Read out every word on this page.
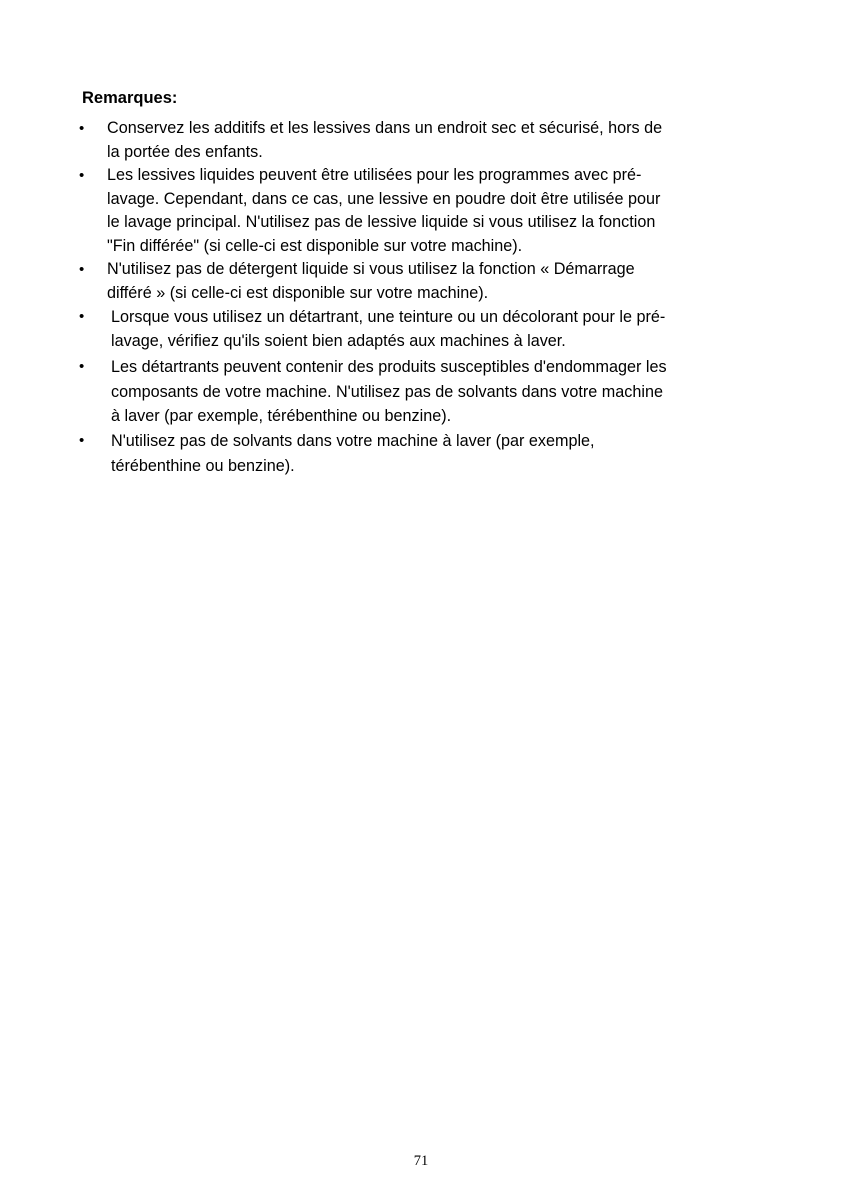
Remarques:

• Conservez les additifs et les lessives dans un endroit sec et sécurisé, hors de
la portée des enfants.
• Les lessives liquides peuvent être utilisées pour les programmes avec pré-
lavage. Cependant, dans ce cas, une lessive en poudre doit être utilisée pour
le lavage principal. N'utilisez pas de lessive liquide si vous utilisez la fonction
"Fin différée" (si celle-ci est disponible sur votre machine).
• N'utilisez pas de détergent liquide si vous utilisez la fonction « Démarrage
différé » (si celle-ci est disponible sur votre machine).
• Lorsque vous utilisez un détartrant, une teinture ou un décolorant pour le pré-
lavage, vérifiez qu'ils soient bien adaptés aux machines à laver.
• Les détartrants peuvent contenir des produits susceptibles d'endommager les
composants de votre machine. N'utilisez pas de solvants dans votre machine
à laver (par exemple, térébenthine ou benzine).
• N'utilisez pas de solvants dans votre machine à laver (par exemple,
térébenthine ou benzine).
71
